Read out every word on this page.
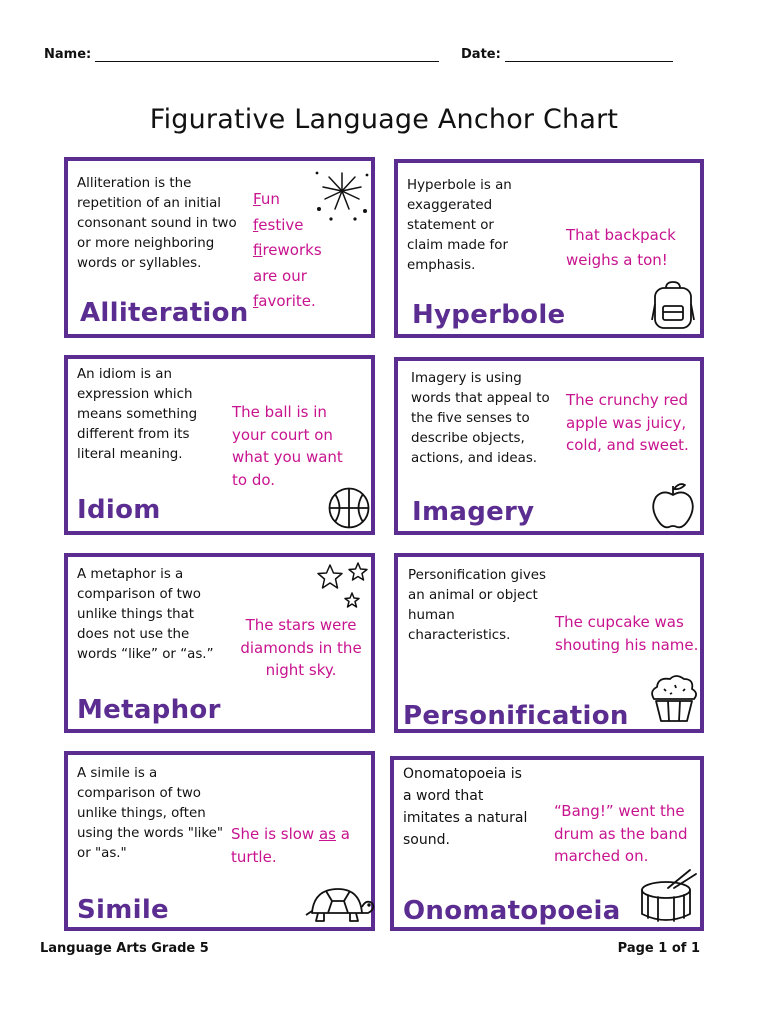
Name:	Date:
Figurative Language Anchor Chart
Alliteration is the repetition of an initial consonant sound in two or more neighboring words or syllables.
Fun
festive
fireworks
are our
favorite.
Alliteration
Hyperbole is an exaggerated statement or claim made for emphasis.
That backpack weighs a ton!
Hyperbole
An idiom is an expression which means something different from its literal meaning.
The ball is in your court on what you want to do.
Idiom
Imagery is using words that appeal to the five senses to describe objects, actions, and ideas.
The crunchy red apple was juicy, cold, and sweet.
Imagery
A metaphor is a comparison of two unlike things that does not use the words “like” or “as.”
The stars were diamonds in the night sky.
Metaphor
Personification gives an animal or object human characteristics.
The cupcake was shouting his name.
Personification
A simile is a comparison of two unlike things, often using the words "like" or "as."
She is slow as a turtle.
Simile
Onomatopoeia is a word that imitates a natural sound.
“Bang!” went the drum as the band marched on.
Onomatopoeia
Language Arts Grade 5	Page 1 of 1
